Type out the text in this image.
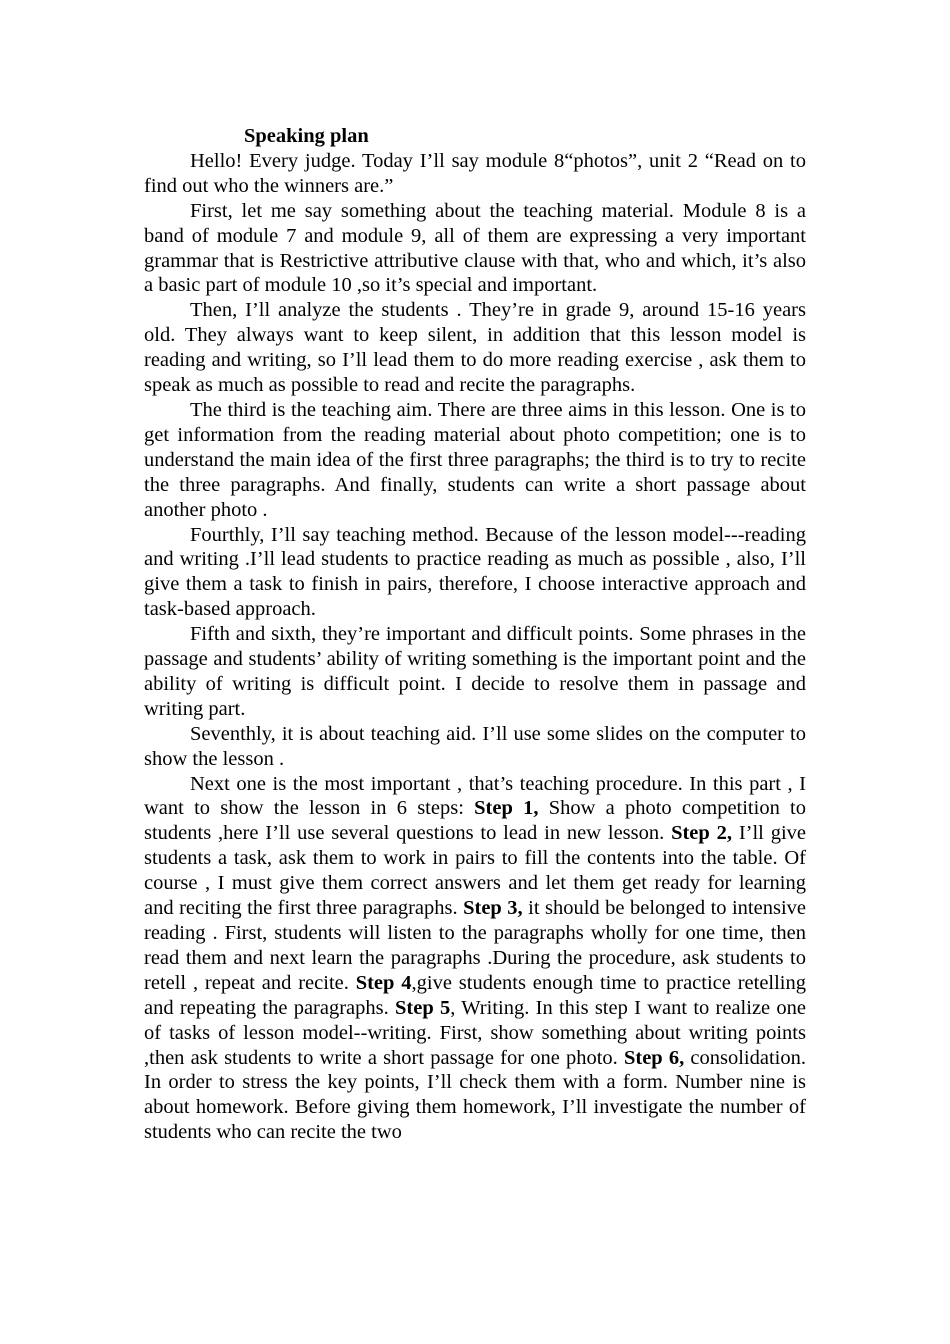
Speaking plan

Hello! Every judge. Today I’ll say module 8“photos”, unit 2 “Read on to find out who the winners are.”

First, let me say something about the teaching material. Module 8 is a band of module 7 and module 9, all of them are expressing a very important grammar that is Restrictive attributive clause with that, who and which, it’s also a basic part of module 10 ,so it’s special and important.

Then, I’ll analyze the students . They’re in grade 9, around 15-16 years old. They always want to keep silent, in addition that this lesson model is reading and writing, so I’ll lead them to do more reading exercise , ask them to speak as much as possible to read and recite the paragraphs.

The third is the teaching aim. There are three aims in this lesson. One is to get information from the reading material about photo competition; one is to understand the main idea of the first three paragraphs; the third is to try to recite the three paragraphs. And finally, students can write a short passage about another photo .

Fourthly, I’ll say teaching method. Because of the lesson model---reading and writing .I’ll lead students to practice reading as much as possible , also, I’ll give them a task to finish in pairs, therefore, I choose interactive approach and task-based approach.

Fifth and sixth, they’re important and difficult points. Some phrases in the passage and students’ ability of writing something is the important point and the ability of writing is difficult point. I decide to resolve them in passage and writing part.

Seventhly, it is about teaching aid. I’ll use some slides on the computer to show the lesson .

Next one is the most important , that’s teaching procedure. In this part , I want to show the lesson in 6 steps: Step 1, Show a photo competition to students ,here I’ll use several questions to lead in new lesson. Step 2, I’ll give students a task, ask them to work in pairs to fill the contents into the table. Of course , I must give them correct answers and let them get ready for learning and reciting the first three paragraphs. Step 3, it should be belonged to intensive reading . First, students will listen to the paragraphs wholly for one time, then read them and next learn the paragraphs .During the procedure, ask students to retell , repeat and recite. Step 4,give students enough time to practice retelling and repeating the paragraphs. Step 5, Writing. In this step I want to realize one of tasks of lesson model--writing. First, show something about writing points ,then ask students to write a short passage for one photo. Step 6, consolidation. In order to stress the key points, I’ll check them with a form. Number nine is about homework. Before giving them homework, I’ll investigate the number of students who can recite the two
